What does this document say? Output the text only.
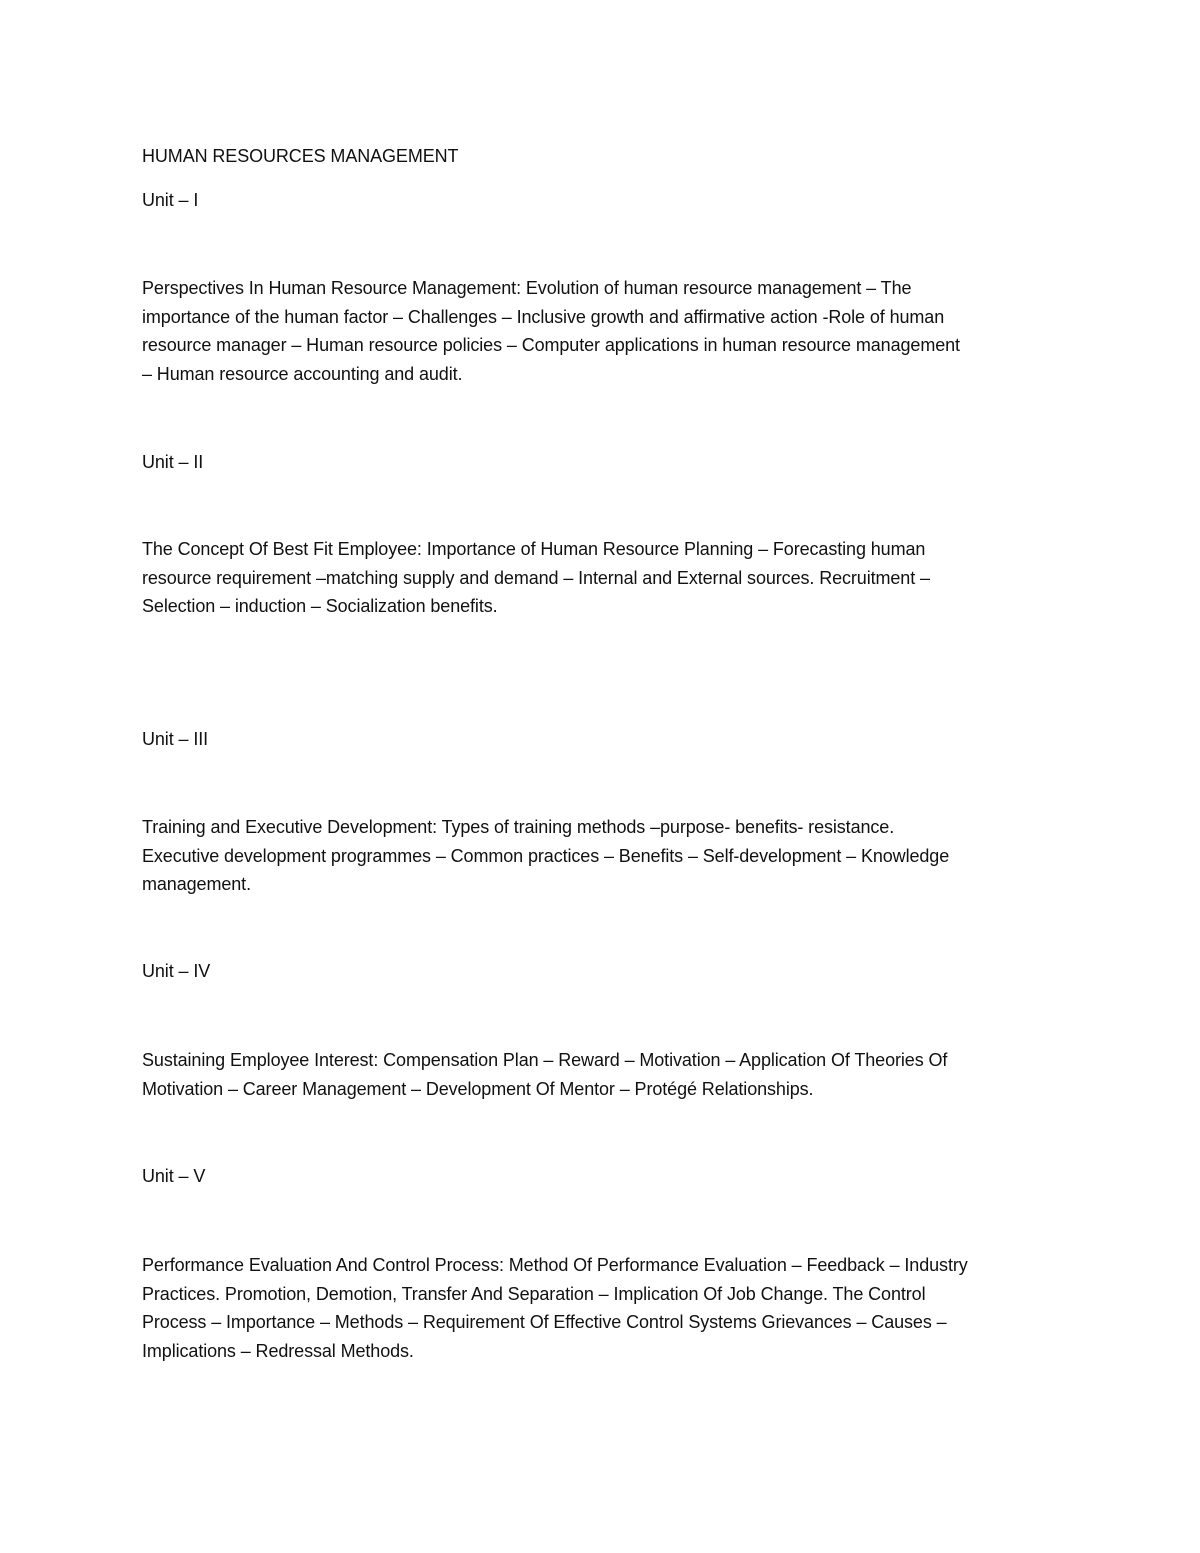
HUMAN RESOURCES MANAGEMENT

Unit – I

Perspectives In Human Resource Management: Evolution of human resource management – The
importance of the human factor – Challenges – Inclusive growth and affirmative action -Role of human
resource manager – Human resource policies – Computer applications in human resource management
– Human resource accounting and audit.

Unit – II

The Concept Of Best Fit Employee: Importance of Human Resource Planning – Forecasting human
resource requirement –matching supply and demand – Internal and External sources. Recruitment –
Selection – induction – Socialization benefits.

Unit – III

Training and Executive Development: Types of training methods –purpose- benefits- resistance.
Executive development programmes – Common practices – Benefits – Self-development – Knowledge
management.

Unit – IV

Sustaining Employee Interest: Compensation Plan – Reward – Motivation – Application Of Theories Of
Motivation – Career Management – Development Of Mentor – Protégé Relationships.

Unit – V

Performance Evaluation And Control Process: Method Of Performance Evaluation – Feedback – Industry
Practices. Promotion, Demotion, Transfer And Separation – Implication Of Job Change. The Control
Process – Importance – Methods – Requirement Of Effective Control Systems Grievances – Causes –
Implications – Redressal Methods.
